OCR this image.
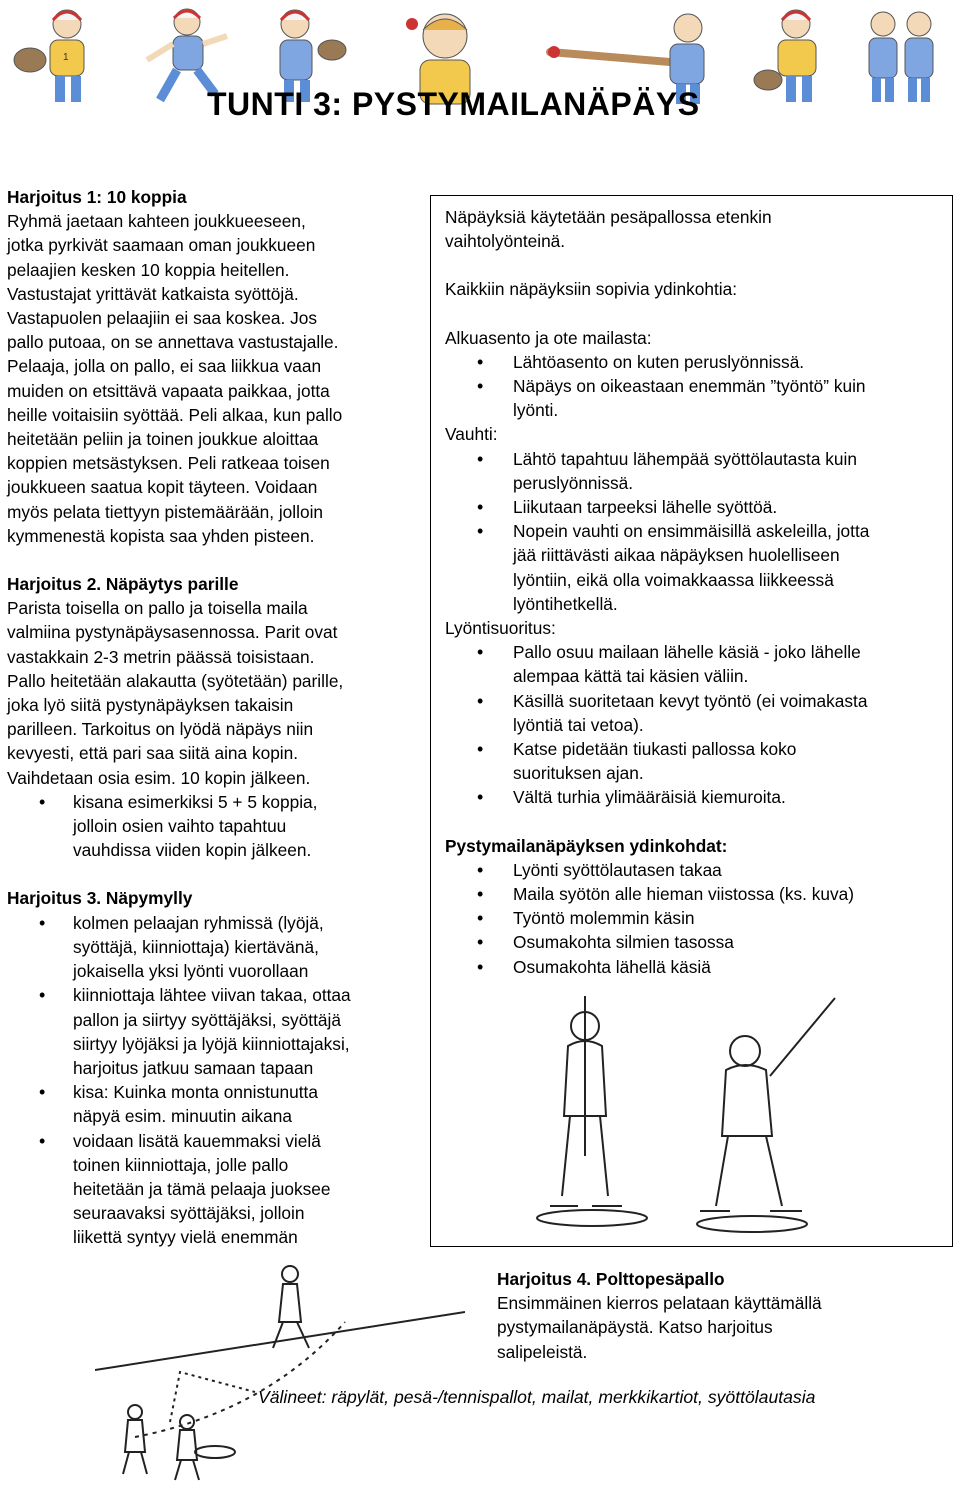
1
TUNTI 3: PYSTYMAILANÄPÄYS

Harjoitus 1: 10 koppia

Ryhmä jaetaan kahteen joukkueeseen,
jotka pyrkivät saamaan oman joukkueen
pelaajien kesken 10 koppia heitellen.
Vastustajat yrittävät katkaista syöttöjä.
Vastapuolen pelaajiin ei saa koskea. Jos
pallo putoaa, on se annettava vastustajalle.
Pelaaja, jolla on pallo, ei saa liikkua vaan
muiden on etsittävä vapaata paikkaa, jotta
heille voitaisiin syöttää. Peli alkaa, kun pallo
heitetään peliin ja toinen joukkue aloittaa
koppien metsästyksen. Peli ratkeaa toisen
joukkueen saatua kopit täyteen. Voidaan
myös pelata tiettyyn pistemäärään, jolloin
kymmenestä kopista saa yhden pisteen.

Harjoitus 2. Näpäytys parille

Parista toisella on pallo ja toisella maila
valmiina pystynäpäysasennossa. Parit ovat
vastakkain 2-3 metrin päässä toisistaan.
Pallo heitetään alakautta (syötetään) parille,
joka lyö siitä pystynäpäyksen takaisin
parilleen. Tarkoitus on lyödä näpäys niin
kevyesti, että pari saa siitä aina kopin.
Vaihdetaan osia esim. 10 kopin jälkeen.
• kisana esimerkiksi 5 + 5 koppia,
jolloin osien vaihto tapahtuu
vauhdissa viiden kopin jälkeen.

Harjoitus 3. Näpymylly

• kolmen pelaajan ryhmissä (lyöjä,
syöttäjä, kiinniottaja) kiertävänä,
jokaisella yksi lyönti vuorollaan
• kiinniottaja lähtee viivan takaa, ottaa
pallon ja siirtyy syöttäjäksi, syöttäjä
siirtyy lyöjäksi ja lyöjä kiinniottajaksi,
harjoitus jatkuu samaan tapaan
• kisa: Kuinka monta onnistunutta
näpyä esim. minuutin aikana
• voidaan lisätä kauemmaksi vielä
toinen kiinniottaja, jolle pallo
heitetään ja tämä pelaaja juoksee
seuraavaksi syöttäjäksi, jolloin
liikettä syntyy vielä enemmän
Näpäyksiä käytetään pesäpallossa etenkin
vaihtolyönteinä.

Kaikkiin näpäyksiin sopivia ydinkohtia:

Alkuasento ja ote mailasta:

• Lähtöasento on kuten peruslyönnissä.
• Näpäys on oikeastaan enemmän ”työntö” kuin
lyönti.

Vauhti:

• Lähtö tapahtuu lähempää syöttölautasta kuin
peruslyönnissä.
• Liikutaan tarpeeksi lähelle syöttöä.
• Nopein vauhti on ensimmäisillä askeleilla, jotta
jää riittävästi aikaa näpäyksen huolelliseen
lyöntiin, eikä olla voimakkaassa liikkeessä
lyöntihetkellä.

Lyöntisuoritus:

• Pallo osuu mailaan lähelle käsiä - joko lähelle
alempaa kättä tai käsien väliin.
• Käsillä suoritetaan kevyt työntö (ei voimakasta
lyöntiä tai vetoa).
• Katse pidetään tiukasti pallossa koko
suorituksen ajan.
• Vältä turhia ylimääräisiä kiemuroita.

Pystymailanäpäyksen ydinkohdat:

• Lyönti syöttölautasen takaa
• Maila syötön alle hieman viistossa (ks. kuva)
• Työntö molemmin käsin
• Osumakohta silmien tasossa
• Osumakohta lähellä käsiä

Harjoitus 4. Polttopesäpallo

Ensimmäinen kierros pelataan käyttämällä
pystymailanäpäystä. Katso harjoitus
salipeleistä.
Välineet: räpylät, pesä-/tennispallot, mailat, merkkikartiot, syöttölautasia
